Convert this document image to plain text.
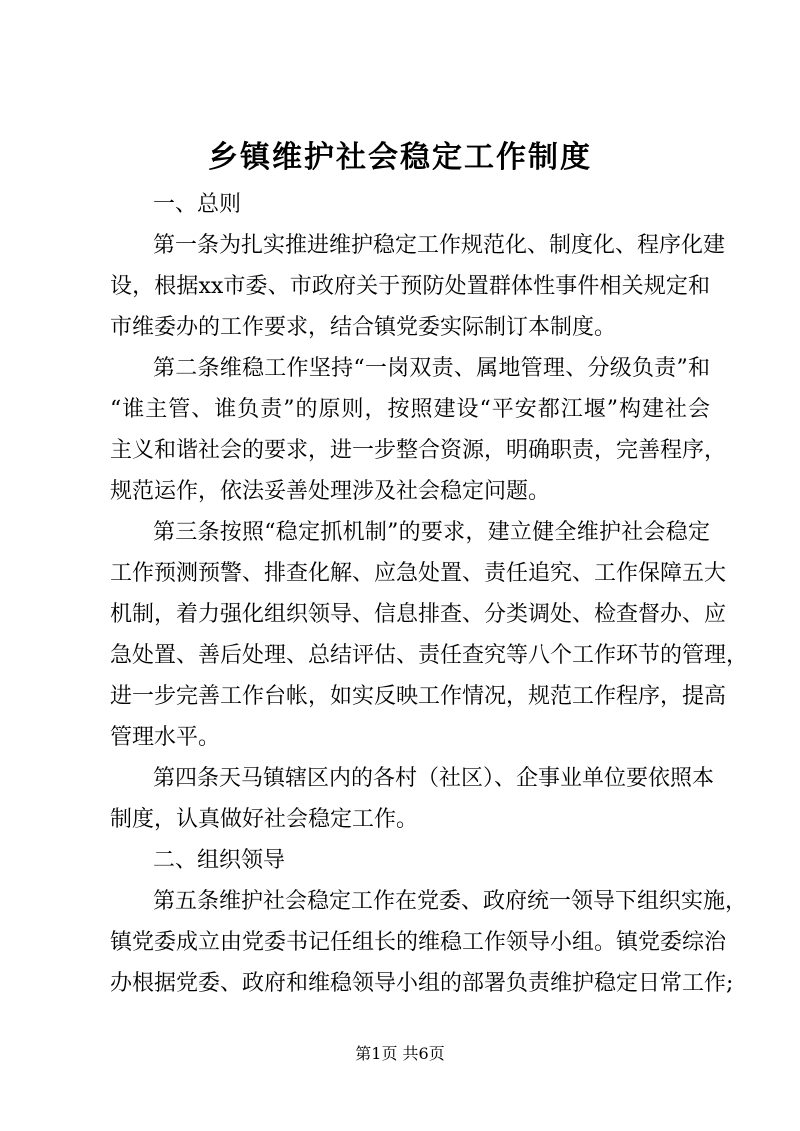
乡镇维护社会稳定工作制度
一、总则
第一条为扎实推进维护稳定工作规范化、制度化、程序化建
设，根据xx市委、市政府关于预防处置群体性事件相关规定和
市维委办的工作要求，结合镇党委实际制订本制度。
第二条维稳工作坚持“一岗双责、属地管理、分级负责”和
“谁主管、谁负责”的原则，按照建设“平安都江堰”构建社会
主义和谐社会的要求，进一步整合资源，明确职责，完善程序，
规范运作，依法妥善处理涉及社会稳定问题。
第三条按照“稳定抓机制”的要求，建立健全维护社会稳定
工作预测预警、排查化解、应急处置、责任追究、工作保障五大
机制，着力强化组织领导、信息排查、分类调处、检查督办、应
急处置、善后处理、总结评估、责任查究等八个工作环节的管理，
进一步完善工作台帐，如实反映工作情况，规范工作程序，提高
管理水平。
第四条天马镇辖区内的各村（社区）、企事业单位要依照本
制度，认真做好社会稳定工作。
二、组织领导
第五条维护社会稳定工作在党委、政府统一领导下组织实施，
镇党委成立由党委书记任组长的维稳工作领导小组。镇党委综治
办根据党委、政府和维稳领导小组的部署负责维护稳定日常工作;
第1页 共6页
